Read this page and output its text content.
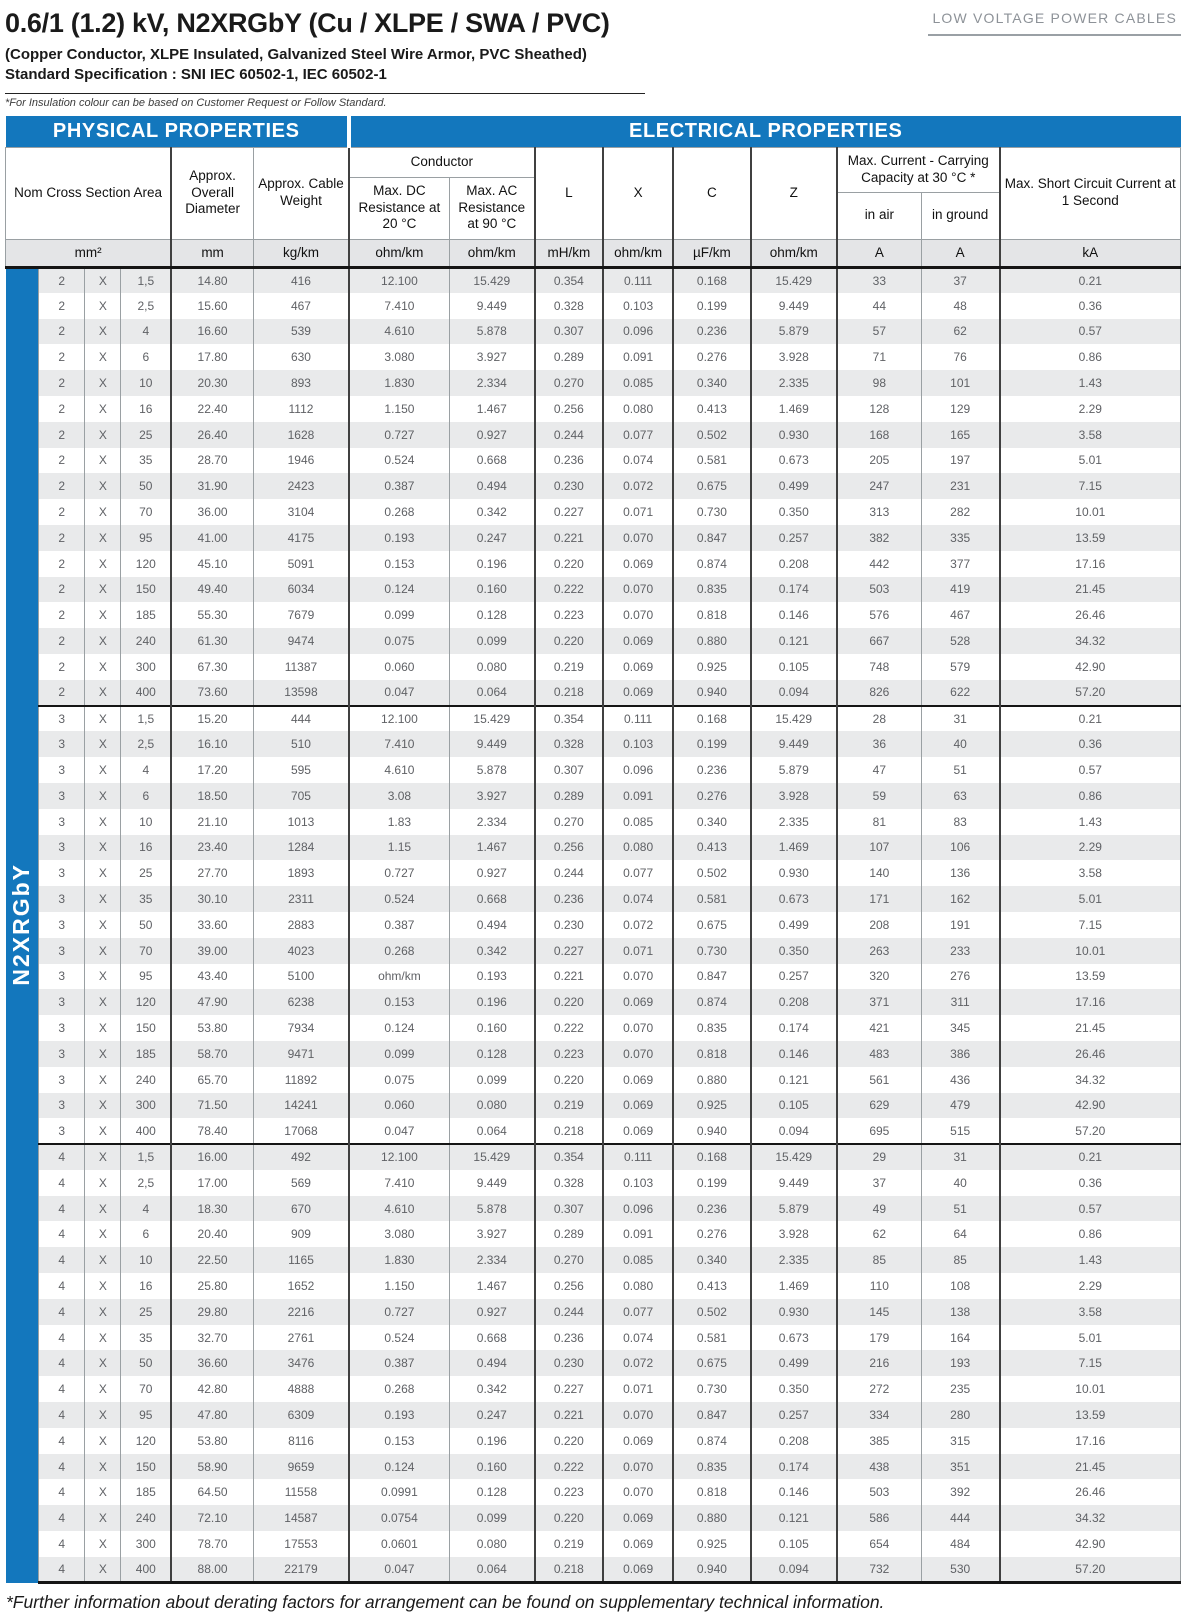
0.6/1 (1.2) kV, N2XRGbY (Cu / XLPE / SWA / PVC)

(Copper Conductor, XLPE Insulated, Galvanized Steel Wire Armor, PVC Sheathed)

Standard Specification : SNI IEC 60502-1, IEC 60502-1

LOW VOLTAGE POWER CABLES

*For Insulation colour can be based on Customer Request or Follow Standard.

PHYSICAL PROPERTIES						ELECTRICAL PROPERTIES								
Nom Cross Section Area				Approx. Overall Diameter	Approx. Cable Weight	Conductor		L	X	C	Z	Max. Current - Carrying Capacity at 30 °C *		Max. Short Circuit Current at 1 Second
						Max. DC Resistance at 20 °C	Max. AC Resistance at 90 °C							
												in air	in ground	
mm²				mm	kg/km	ohm/km	ohm/km	mH/km	ohm/km	µF/km	ohm/km	A	A	kA
N2XRGbY	2	X	1,5	14.80	416	12.100	15.429	0.354	0.111	0.168	15.429	33	37	0.21
	2	X	2,5	15.60	467	7.410	9.449	0.328	0.103	0.199	9.449	44	48	0.36
	2	X	4	16.60	539	4.610	5.878	0.307	0.096	0.236	5.879	57	62	0.57
	2	X	6	17.80	630	3.080	3.927	0.289	0.091	0.276	3.928	71	76	0.86
	2	X	10	20.30	893	1.830	2.334	0.270	0.085	0.340	2.335	98	101	1.43
	2	X	16	22.40	1112	1.150	1.467	0.256	0.080	0.413	1.469	128	129	2.29
	2	X	25	26.40	1628	0.727	0.927	0.244	0.077	0.502	0.930	168	165	3.58
	2	X	35	28.70	1946	0.524	0.668	0.236	0.074	0.581	0.673	205	197	5.01
	2	X	50	31.90	2423	0.387	0.494	0.230	0.072	0.675	0.499	247	231	7.15
	2	X	70	36.00	3104	0.268	0.342	0.227	0.071	0.730	0.350	313	282	10.01
	2	X	95	41.00	4175	0.193	0.247	0.221	0.070	0.847	0.257	382	335	13.59
	2	X	120	45.10	5091	0.153	0.196	0.220	0.069	0.874	0.208	442	377	17.16
	2	X	150	49.40	6034	0.124	0.160	0.222	0.070	0.835	0.174	503	419	21.45
	2	X	185	55.30	7679	0.099	0.128	0.223	0.070	0.818	0.146	576	467	26.46
	2	X	240	61.30	9474	0.075	0.099	0.220	0.069	0.880	0.121	667	528	34.32
	2	X	300	67.30	11387	0.060	0.080	0.219	0.069	0.925	0.105	748	579	42.90
	2	X	400	73.60	13598	0.047	0.064	0.218	0.069	0.940	0.094	826	622	57.20
	3	X	1,5	15.20	444	12.100	15.429	0.354	0.111	0.168	15.429	28	31	0.21
	3	X	2,5	16.10	510	7.410	9.449	0.328	0.103	0.199	9.449	36	40	0.36
	3	X	4	17.20	595	4.610	5.878	0.307	0.096	0.236	5.879	47	51	0.57
	3	X	6	18.50	705	3.08	3.927	0.289	0.091	0.276	3.928	59	63	0.86
	3	X	10	21.10	1013	1.83	2.334	0.270	0.085	0.340	2.335	81	83	1.43
	3	X	16	23.40	1284	1.15	1.467	0.256	0.080	0.413	1.469	107	106	2.29
	3	X	25	27.70	1893	0.727	0.927	0.244	0.077	0.502	0.930	140	136	3.58
	3	X	35	30.10	2311	0.524	0.668	0.236	0.074	0.581	0.673	171	162	5.01
	3	X	50	33.60	2883	0.387	0.494	0.230	0.072	0.675	0.499	208	191	7.15
	3	X	70	39.00	4023	0.268	0.342	0.227	0.071	0.730	0.350	263	233	10.01
	3	X	95	43.40	5100	ohm/km	0.193	0.221	0.070	0.847	0.257	320	276	13.59
	3	X	120	47.90	6238	0.153	0.196	0.220	0.069	0.874	0.208	371	311	17.16
	3	X	150	53.80	7934	0.124	0.160	0.222	0.070	0.835	0.174	421	345	21.45
	3	X	185	58.70	9471	0.099	0.128	0.223	0.070	0.818	0.146	483	386	26.46
	3	X	240	65.70	11892	0.075	0.099	0.220	0.069	0.880	0.121	561	436	34.32
	3	X	300	71.50	14241	0.060	0.080	0.219	0.069	0.925	0.105	629	479	42.90
	3	X	400	78.40	17068	0.047	0.064	0.218	0.069	0.940	0.094	695	515	57.20
	4	X	1,5	16.00	492	12.100	15.429	0.354	0.111	0.168	15.429	29	31	0.21
	4	X	2,5	17.00	569	7.410	9.449	0.328	0.103	0.199	9.449	37	40	0.36
	4	X	4	18.30	670	4.610	5.878	0.307	0.096	0.236	5.879	49	51	0.57
	4	X	6	20.40	909	3.080	3.927	0.289	0.091	0.276	3.928	62	64	0.86
	4	X	10	22.50	1165	1.830	2.334	0.270	0.085	0.340	2.335	85	85	1.43
	4	X	16	25.80	1652	1.150	1.467	0.256	0.080	0.413	1.469	110	108	2.29
	4	X	25	29.80	2216	0.727	0.927	0.244	0.077	0.502	0.930	145	138	3.58
	4	X	35	32.70	2761	0.524	0.668	0.236	0.074	0.581	0.673	179	164	5.01
	4	X	50	36.60	3476	0.387	0.494	0.230	0.072	0.675	0.499	216	193	7.15
	4	X	70	42.80	4888	0.268	0.342	0.227	0.071	0.730	0.350	272	235	10.01
	4	X	95	47.80	6309	0.193	0.247	0.221	0.070	0.847	0.257	334	280	13.59
	4	X	120	53.80	8116	0.153	0.196	0.220	0.069	0.874	0.208	385	315	17.16
	4	X	150	58.90	9659	0.124	0.160	0.222	0.070	0.835	0.174	438	351	21.45
	4	X	185	64.50	11558	0.0991	0.128	0.223	0.070	0.818	0.146	503	392	26.46
	4	X	240	72.10	14587	0.0754	0.099	0.220	0.069	0.880	0.121	586	444	34.32
	4	X	300	78.70	17553	0.0601	0.080	0.219	0.069	0.925	0.105	654	484	42.90
	4	X	400	88.00	22179	0.047	0.064	0.218	0.069	0.940	0.094	732	530	57.20

*Further information about derating factors for arrangement can be found on supplementary technical information.
